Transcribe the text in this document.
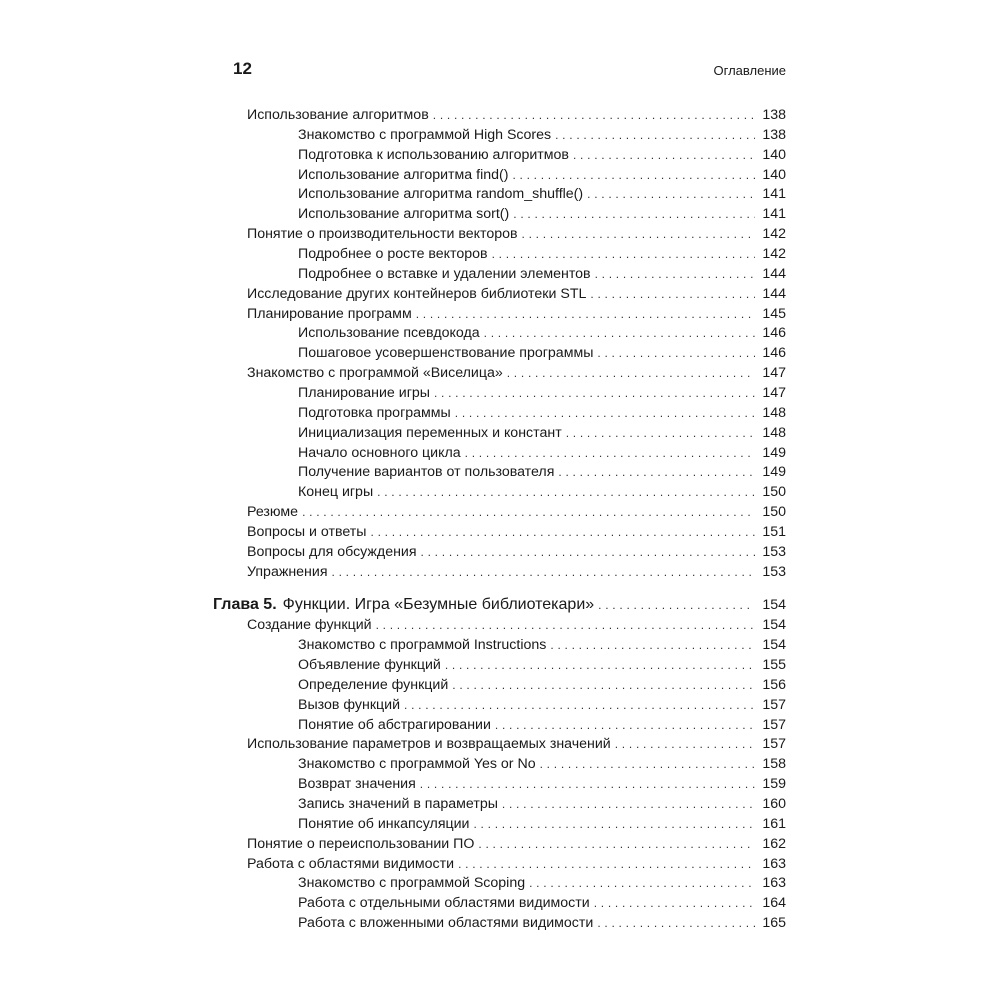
12	Оглавление
Использование алгоритмов . . .	138
Знакомство с программой High Scores . . .	138
Подготовка к использованию алгоритмов . . .	140
Использование алгоритма find() . . .	140
Использование алгоритма random_shuffle() . . .	141
Использование алгоритма sort() . . .	141
Понятие о производительности векторов . . .	142
Подробнее о росте векторов . . .	142
Подробнее о вставке и удалении элементов . . .	144
Исследование других контейнеров библиотеки STL . . .	144
Планирование программ . . .	145
Использование псевдокода . . .	146
Пошаговое усовершенствование программы . . .	146
Знакомство с программой «Виселица» . . .	147
Планирование игры . . .	147
Подготовка программы . . .	148
Инициализация переменных и констант . . .	148
Начало основного цикла . . .	149
Получение вариантов от пользователя . . .	149
Конец игры . . .	150
Резюме . . .	150
Вопросы и ответы . . .	151
Вопросы для обсуждения . . .	153
Упражнения . . .	153
Глава 5. Функции. Игра «Безумные библиотекари» . . .	154
Создание функций . . .	154
Знакомство с программой Instructions . . .	154
Объявление функций . . .	155
Определение функций . . .	156
Вызов функций . . .	157
Понятие об абстрагировании . . .	157
Использование параметров и возвращаемых значений . . .	157
Знакомство с программой Yes or No . . .	158
Возврат значения . . .	159
Запись значений в параметры . . .	160
Понятие об инкапсуляции . . .	161
Понятие о переиспользовании ПО . . .	162
Работа с областями видимости . . .	163
Знакомство с программой Scoping . . .	163
Работа с отдельными областями видимости . . .	164
Работа с вложенными областями видимости . . .	165
